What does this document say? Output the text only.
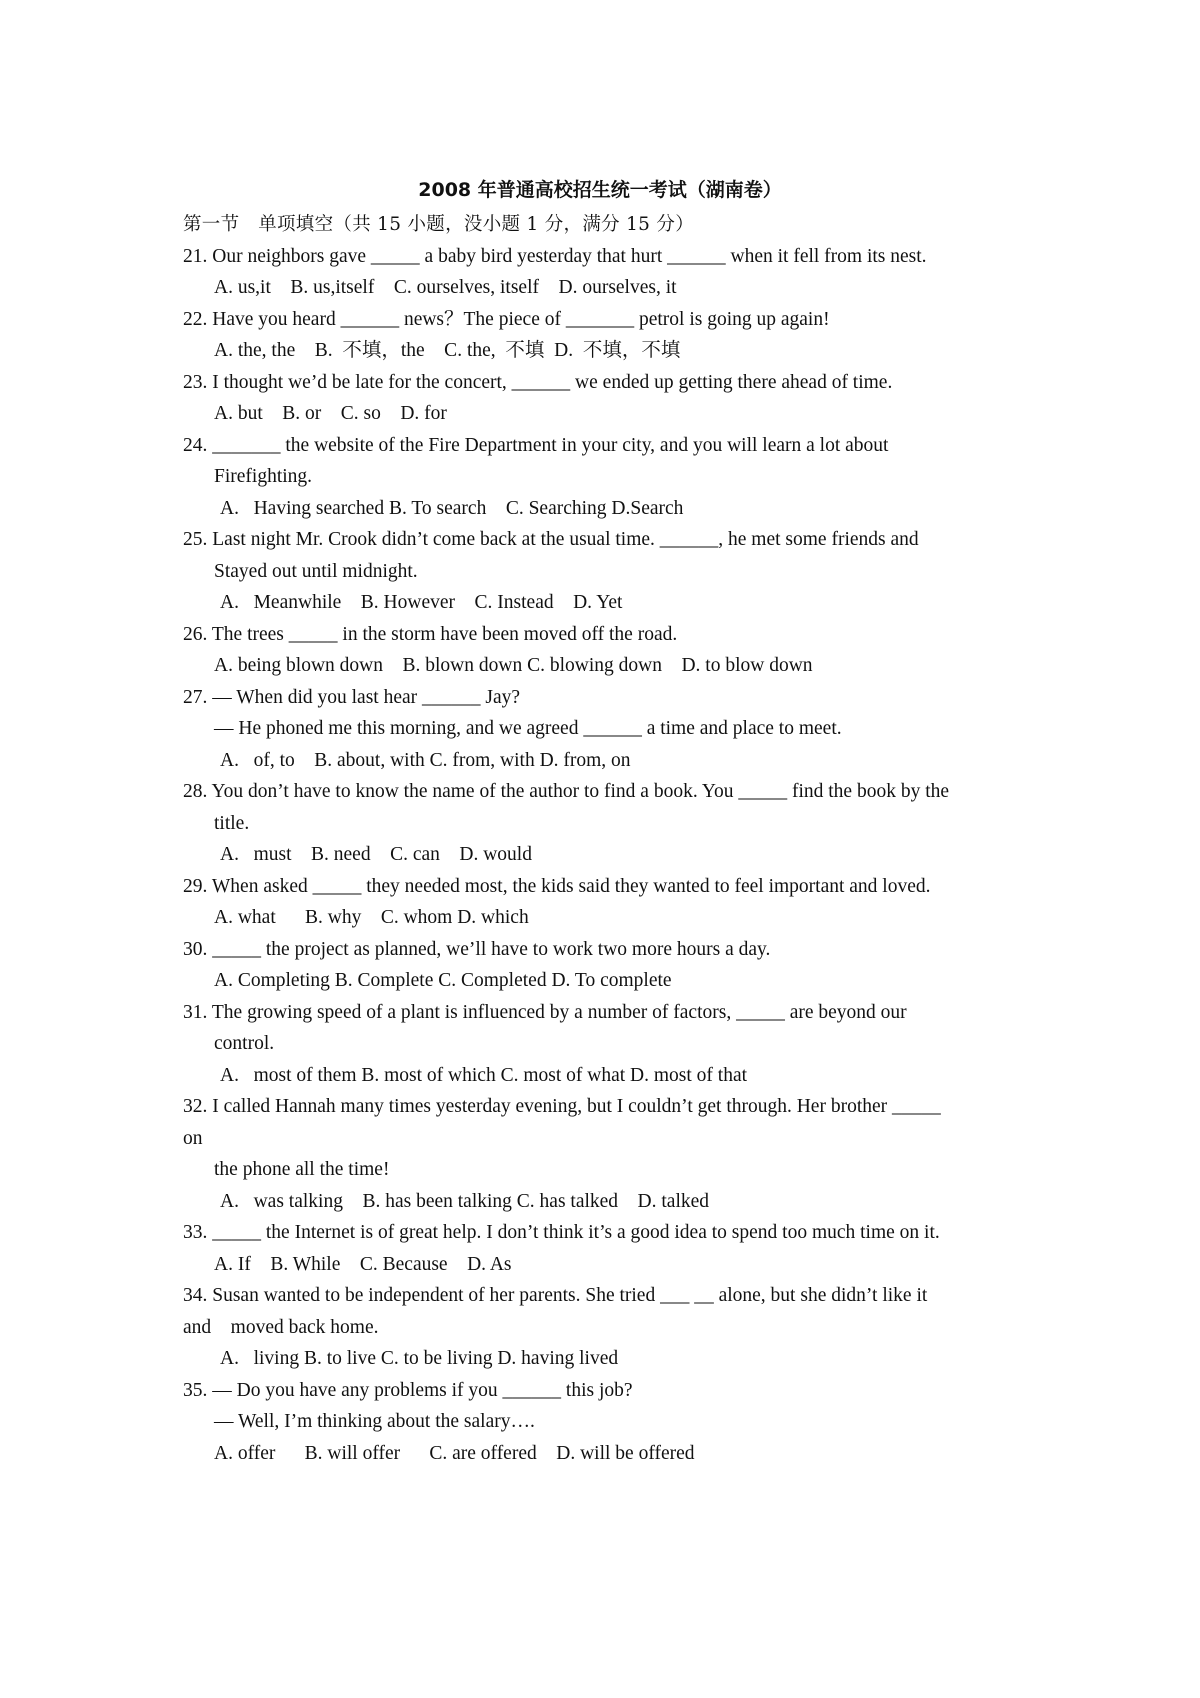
2008 年普通高校招生统一考试（湖南卷）

第一节　单项填空（共 15 小题，没小题 1 分，满分 15 分）

21. Our neighbors gave _____ a baby bird yesterday that hurt ______ when it fell from its nest.

A. us,it    B. us,itself    C. ourselves, itself    D. ourselves, it

22. Have you heard ______ news？The piece of _______ petrol is going up again!

A. the, the    B.  不填，the    C. the,  不填  D.  不填，不填

23. I thought we’d be late for the concert, ______ we ended up getting there ahead of time.

A. but    B. or    C. so    D. for

24. _______ the website of the Fire Department in your city, and you will learn a lot about

Firefighting.

A.   Having searched B. To search    C. Searching D.Search

25. Last night Mr. Crook didn’t come back at the usual time. ______, he met some friends and

Stayed out until midnight.

A.   Meanwhile    B. However    C. Instead    D. Yet

26. The trees _____ in the storm have been moved off the road.

A. being blown down    B. blown down C. blowing down    D. to blow down

27. — When did you last hear ______ Jay?

— He phoned me this morning, and we agreed ______ a time and place to meet.

A.   of, to    B. about, with C. from, with D. from, on

28. You don’t have to know the name of the author to find a book. You _____ find the book by the

title.

A.   must    B. need    C. can    D. would

29. When asked _____ they needed most, the kids said they wanted to feel important and loved.

A. what      B. why    C. whom D. which

30. _____ the project as planned, we’ll have to work two more hours a day.

A. Completing B. Complete C. Completed D. To complete

31. The growing speed of a plant is influenced by a number of factors, _____ are beyond our

control.

A.   most of them B. most of which C. most of what D. most of that

32. I called Hannah many times yesterday evening, but I couldn’t get through. Her brother _____

on

the phone all the time!

A.   was talking    B. has been talking C. has talked    D. talked

33. _____ the Internet is of great help. I don’t think it’s a good idea to spend too much time on it.

A. If    B. While    C. Because    D. As

34. Susan wanted to be independent of her parents. She tried ___ __ alone, but she didn’t like it

and    moved back home.

A.   living B. to live C. to be living D. having lived

35. — Do you have any problems if you ______ this job?

— Well, I’m thinking about the salary….

A. offer      B. will offer      C. are offered    D. will be offered
